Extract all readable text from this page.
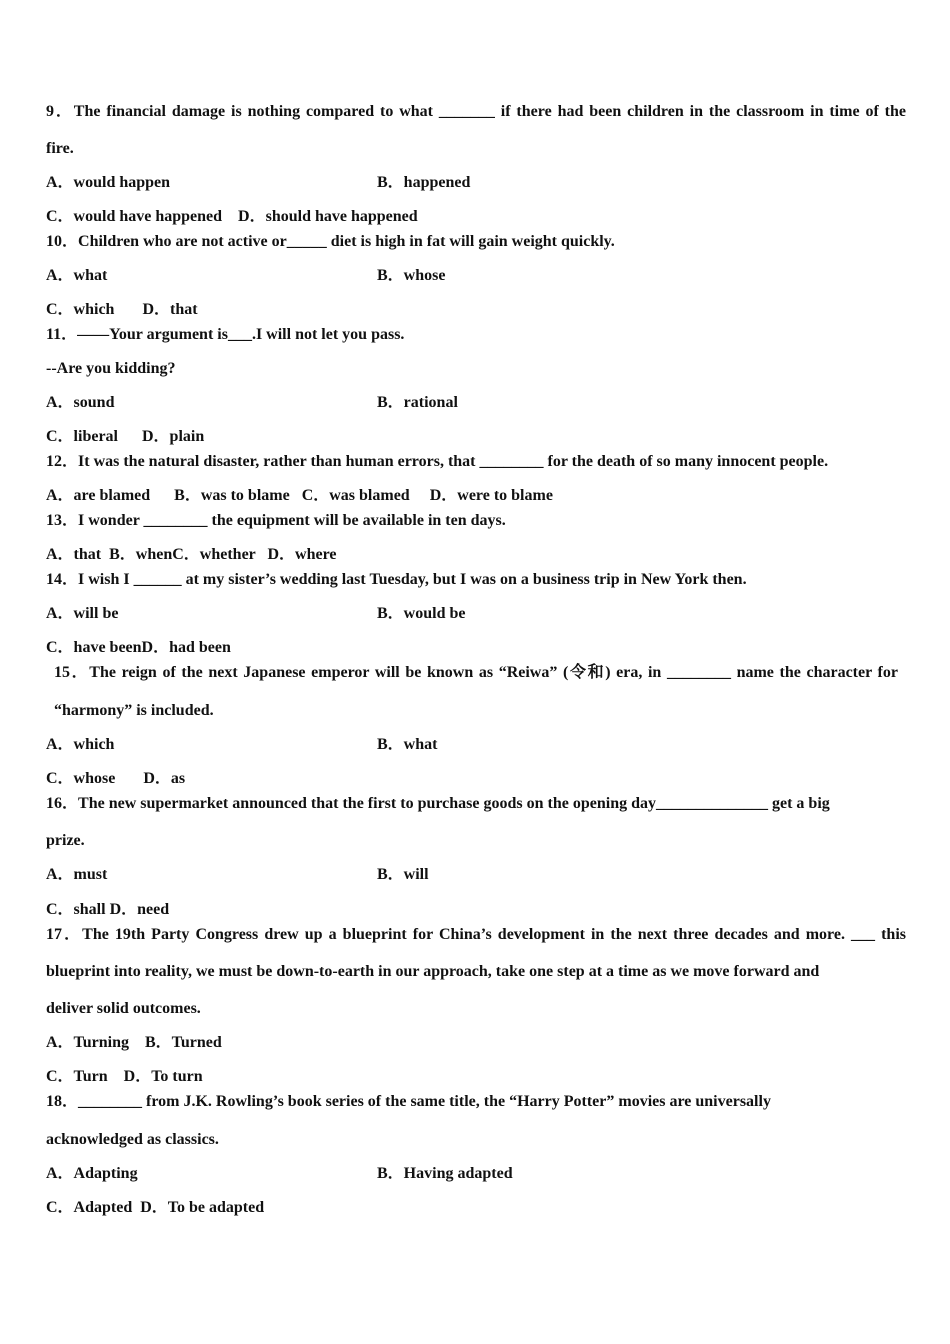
9．The financial damage is nothing compared to what _______ if there had been children in the classroom in time of the
fire.
A．would happen	B．happened
C．would have happened    D．should have happened
10．Children who are not active or_____ diet is high in fat will gain weight quickly.
A．what	B．whose
C．which       D．that
11．——Your argument is___.I will not let you pass.
--Are you kidding?
A．sound	B．rational
C．liberal      D．plain
12．It was the natural disaster, rather than human errors, that ________ for the death of so many innocent people.
A．are blamed      B．was to blame   C．was blamed     D．were to blame
13．I wonder ________ the equipment will be available in ten days.
A．that  B．whenC．whether   D．where
14．I wish I ______ at my sister’s wedding last Tuesday, but I was on a business trip in New York then.
A．will be	B．would be
C．have beenD．had been
15．The reign of the next Japanese emperor will be known as “Reiwa” (令和) era, in ________ name the character for
“harmony” is included.
A．which	B．what
C．whose       D．as
16．The new supermarket announced that the first to purchase goods on the opening day______________ get a big
prize.
A．must	B．will
C．shall D．need
17．The 19th Party Congress drew up a blueprint for China’s development in the next three decades and more. ___ this
blueprint into reality, we must be down-to-earth in our approach, take one step at a time as we move forward and
deliver solid outcomes.
A．Turning    B．Turned
C．Turn    D．To turn
18．________ from J.K. Rowling’s book series of the same title, the “Harry Potter” movies are universally
acknowledged as classics.
A．Adapting	B．Having adapted
C．Adapted  D．To be adapted
